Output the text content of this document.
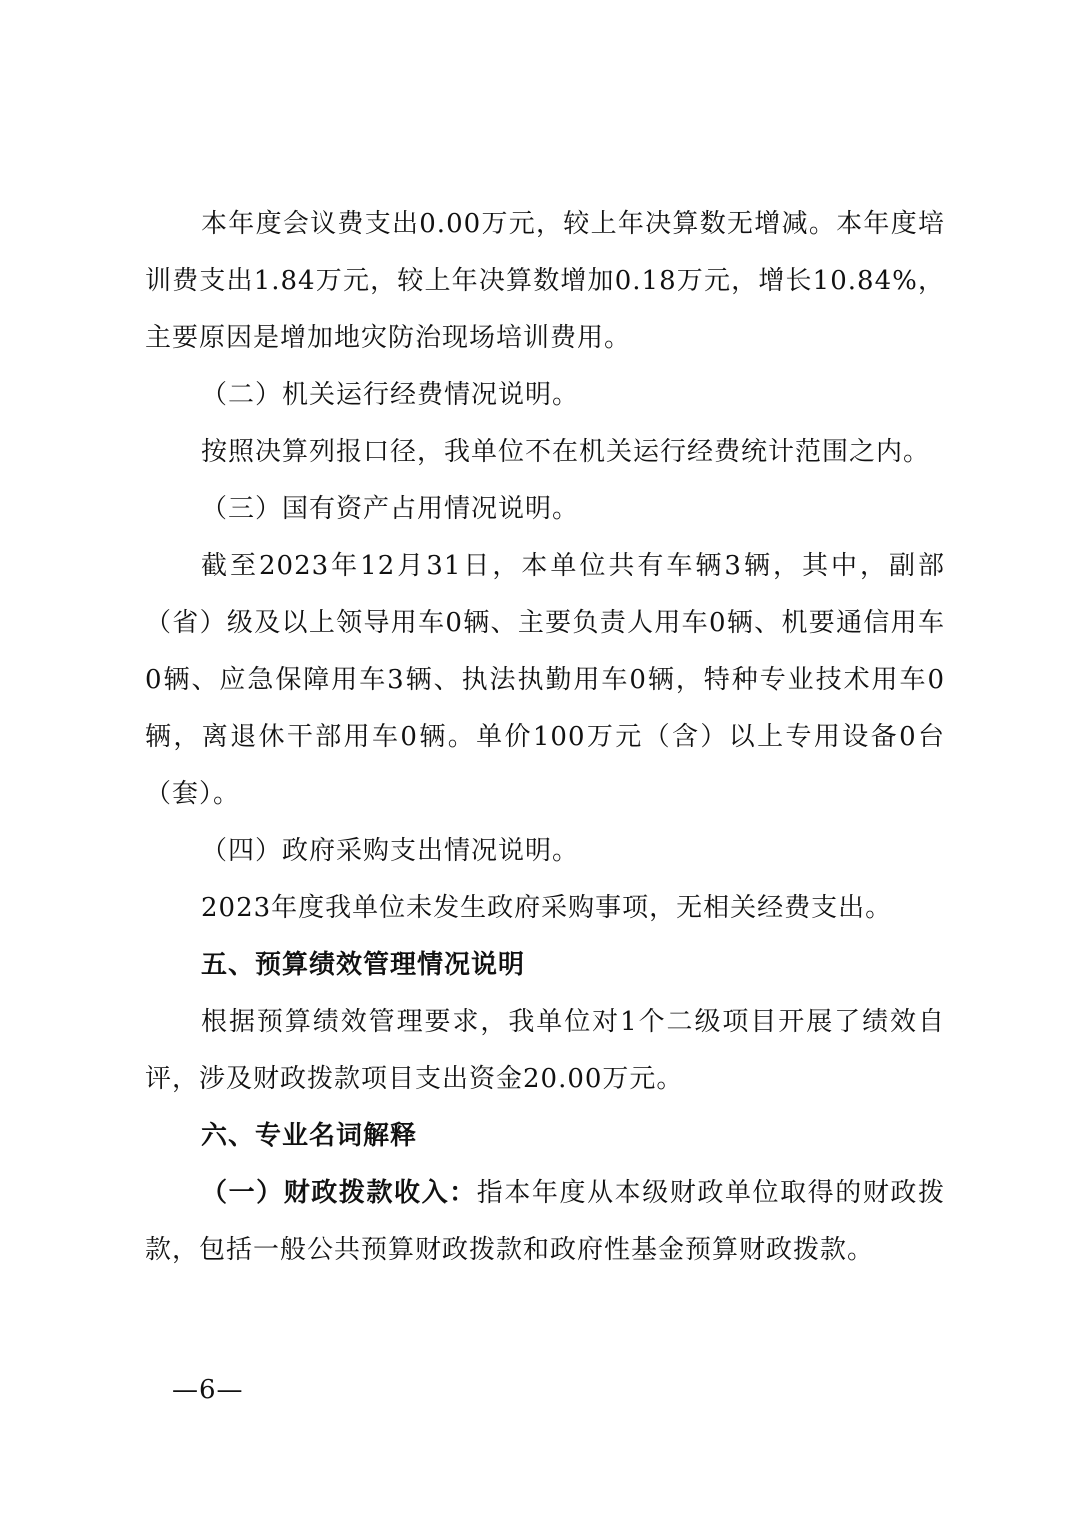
本年度会议费支出0.00万元，较上年决算数无增减。本年度培训费支出1.84万元，较上年决算数增加0.18万元，增长10.84%，主要原因是增加地灾防治现场培训费用。

（二）机关运行经费情况说明。

按照决算列报口径，我单位不在机关运行经费统计范围之内。

（三）国有资产占用情况说明。

截至2023年12月31日，本单位共有车辆3辆，其中，副部（省）级及以上领导用车0辆、主要负责人用车0辆、机要通信用车0辆、应急保障用车3辆、执法执勤用车0辆，特种专业技术用车0辆，离退休干部用车0辆。单价100万元（含）以上专用设备0台（套）。

（四）政府采购支出情况说明。

2023年度我单位未发生政府采购事项，无相关经费支出。

五、预算绩效管理情况说明

根据预算绩效管理要求，我单位对1个二级项目开展了绩效自评，涉及财政拨款项目支出资金20.00万元。

六、专业名词解释

（一）财政拨款收入：指本年度从本级财政单位取得的财政拨款，包括一般公共预算财政拨款和政府性基金预算财政拨款。

—6—
